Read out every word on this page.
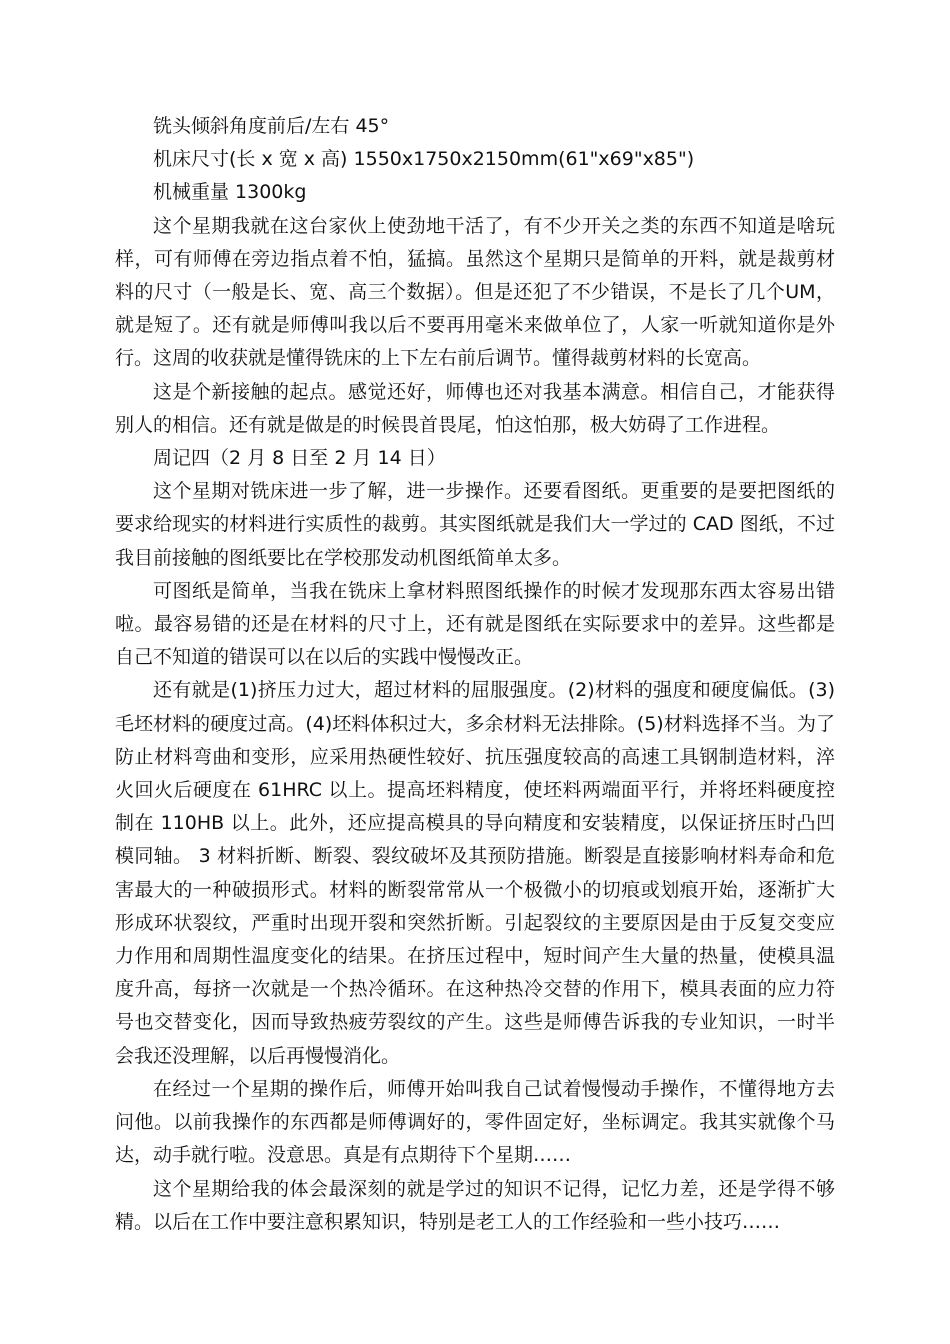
铣头倾斜角度前后/左右 45°

机床尺寸(长 x 宽 x 高) 1550x1750x2150mm(61"x69"x85")

机械重量 1300kg

这个星期我就在这台家伙上使劲地干活了，有不少开关之类的东西不知道是啥玩样，可有师傅在旁边指点着不怕，猛搞。虽然这个星期只是简单的开料，就是裁剪材料的尺寸（一般是长、宽、高三个数据）。但是还犯了不少错误，不是长了几个UM，就是短了。还有就是师傅叫我以后不要再用毫米来做单位了，人家一听就知道你是外行。这周的收获就是懂得铣床的上下左右前后调节。懂得裁剪材料的长宽高。

这是个新接触的起点。感觉还好，师傅也还对我基本满意。相信自己，才能获得别人的相信。还有就是做是的时候畏首畏尾，怕这怕那，极大妨碍了工作进程。

周记四（2 月 8 日至 2 月 14 日）

这个星期对铣床进一步了解，进一步操作。还要看图纸。更重要的是要把图纸的要求给现实的材料进行实质性的裁剪。其实图纸就是我们大一学过的 CAD 图纸，不过我目前接触的图纸要比在学校那发动机图纸简单太多。

可图纸是简单，当我在铣床上拿材料照图纸操作的时候才发现那东西太容易出错啦。最容易错的还是在材料的尺寸上，还有就是图纸在实际要求中的差异。这些都是自己不知道的错误可以在以后的实践中慢慢改正。

还有就是(1)挤压力过大，超过材料的屈服强度。(2)材料的强度和硬度偏低。(3)毛坯材料的硬度过高。(4)坯料体积过大，多余材料无法排除。(5)材料选择不当。为了防止材料弯曲和变形，应采用热硬性较好、抗压强度较高的高速工具钢制造材料，淬火回火后硬度在 61HRC 以上。提高坯料精度，使坯料两端面平行，并将坯料硬度控制在 110HB 以上。此外，还应提高模具的导向精度和安装精度，以保证挤压时凸凹模同轴。 3 材料折断、断裂、裂纹破坏及其预防措施。断裂是直接影响材料寿命和危害最大的一种破损形式。材料的断裂常常从一个极微小的切痕或划痕开始，逐渐扩大形成环状裂纹，严重时出现开裂和突然折断。引起裂纹的主要原因是由于反复交变应力作用和周期性温度变化的结果。在挤压过程中，短时间产生大量的热量，使模具温度升高，每挤一次就是一个热冷循环。在这种热冷交替的作用下，模具表面的应力符号也交替变化，因而导致热疲劳裂纹的产生。这些是师傅告诉我的专业知识，一时半会我还没理解，以后再慢慢消化。

在经过一个星期的操作后，师傅开始叫我自己试着慢慢动手操作，不懂得地方去问他。以前我操作的东西都是师傅调好的，零件固定好，坐标调定。我其实就像个马达，动手就行啦。没意思。真是有点期待下个星期……

这个星期给我的体会最深刻的就是学过的知识不记得，记忆力差，还是学得不够精。以后在工作中要注意积累知识，特别是老工人的工作经验和一些小技巧……
